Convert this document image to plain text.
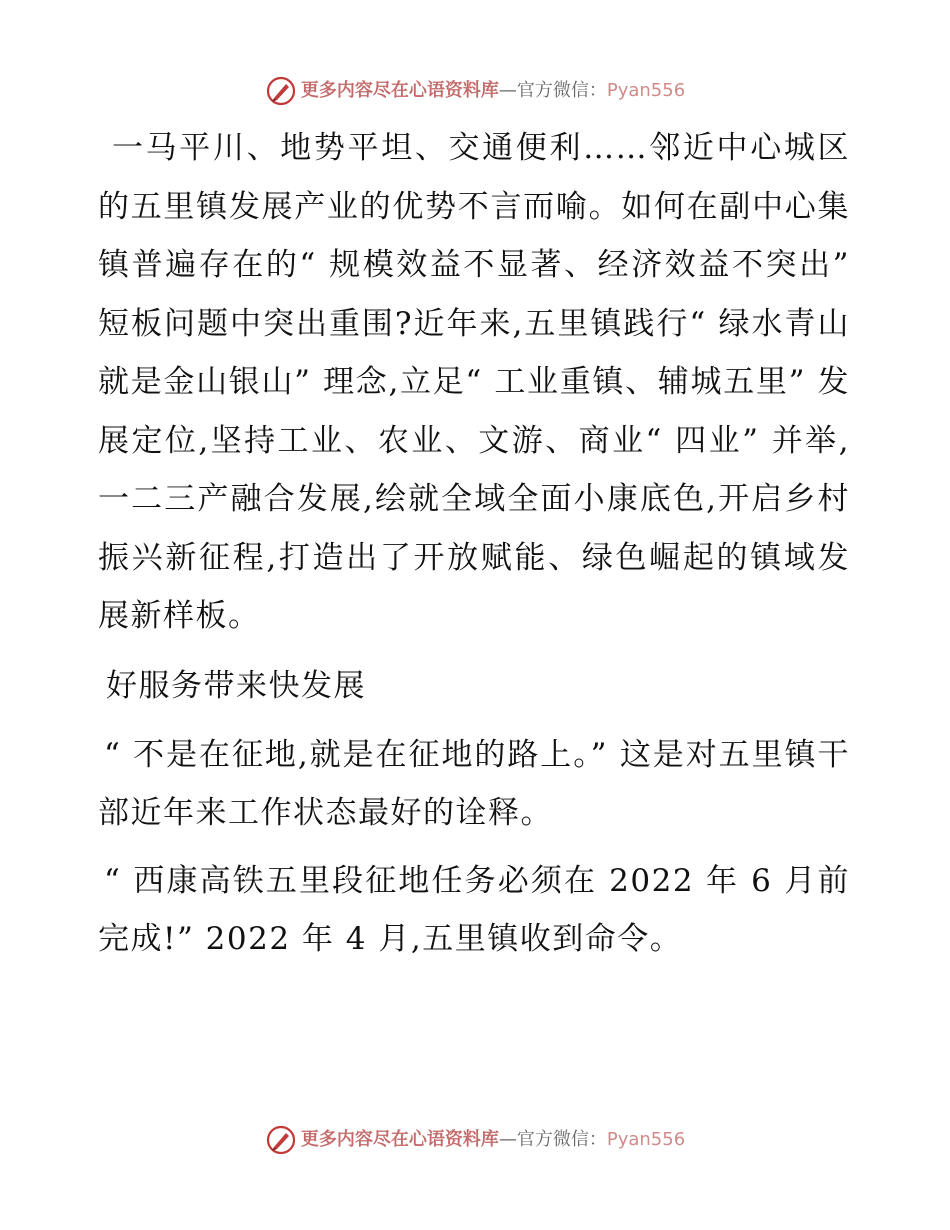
更多内容尽在心语资料库—官方微信：Pyan556

一马平川、地势平坦、交通便利……邻近中心城区的五里镇发展产业的优势不言而喻。如何在副中心集镇普遍存在的“ 规模效益不显著、经济效益不突出” 短板问题中突出重围?近年来,五里镇践行“ 绿水青山就是金山银山” 理念,立足“ 工业重镇、辅城五里” 发展定位,坚持工业、农业、文游、商业“ 四业” 并举,一二三产融合发展,绘就全域全面小康底色,开启乡村振兴新征程,打造出了开放赋能、绿色崛起的镇域发展新样板。

好服务带来快发展

“ 不是在征地,就是在征地的路上。” 这是对五里镇干部近年来工作状态最好的诠释。

“ 西康高铁五里段征地任务必须在 2022 年 6 月前完成!” 2022 年 4 月,五里镇收到命令。

更多内容尽在心语资料库—官方微信：Pyan556
